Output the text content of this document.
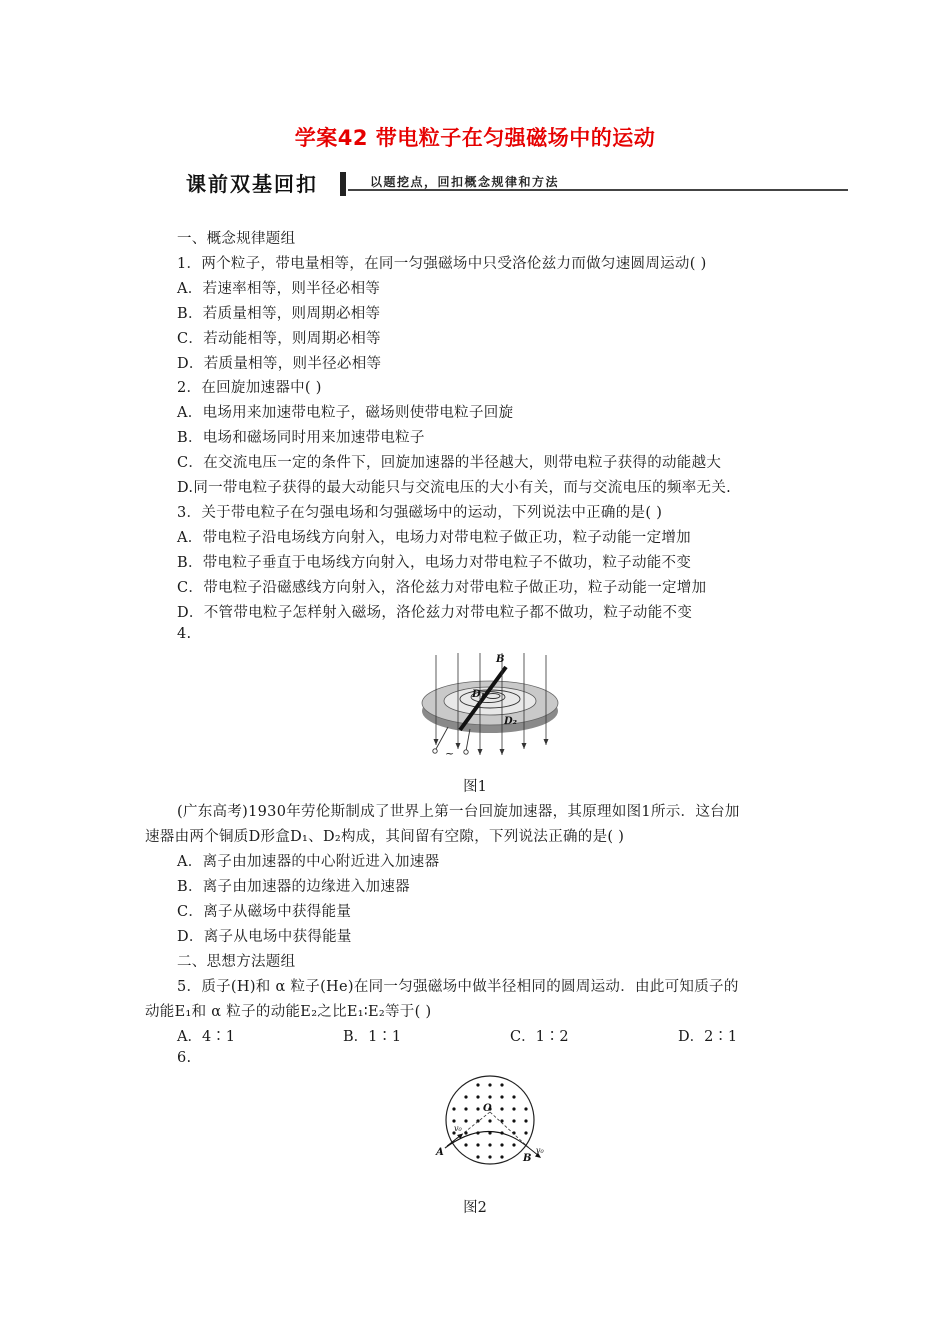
学案42 带电粒子在匀强磁场中的运动
课前双基回扣	以题挖点，回扣概念规律和方法
一、概念规律题组
1．两个粒子，带电量相等，在同一匀强磁场中只受洛伦兹力而做匀速圆周运动( )
A．若速率相等，则半径必相等
B．若质量相等，则周期必相等
C．若动能相等，则周期必相等
D．若质量相等，则半径必相等
2．在回旋加速器中( )
A．电场用来加速带电粒子，磁场则使带电粒子回旋
B．电场和磁场同时用来加速带电粒子
C．在交流电压一定的条件下，回旋加速器的半径越大，则带电粒子获得的动能越大
D.同一带电粒子获得的最大动能只与交流电压的大小有关，而与交流电压的频率无关.
3．关于带电粒子在匀强电场和匀强磁场中的运动，下列说法中正确的是( )
A．带电粒子沿电场线方向射入，电场力对带电粒子做正功，粒子动能一定增加
B．带电粒子垂直于电场线方向射入，电场力对带电粒子不做功，粒子动能不变
C．带电粒子沿磁感线方向射入，洛伦兹力对带电粒子做正功，粒子动能一定增加
D．不管带电粒子怎样射入磁场，洛伦兹力对带电粒子都不做功，粒子动能不变
4.
~
B
D₁
D₂
图1
(广东高考)1930年劳伦斯制成了世界上第一台回旋加速器，其原理如图1所示．这台加
速器由两个铜质D形盒D₁、D₂构成，其间留有空隙，下列说法正确的是( )
A．离子由加速器的中心附近进入加速器
B．离子由加速器的边缘进入加速器
C．离子从磁场中获得能量
D．离子从电场中获得能量
二、思想方法题组
5．质子(H)和 α 粒子(He)在同一匀强磁场中做半径相同的圆周运动．由此可知质子的
动能E₁和 α 粒子的动能E₂之比E₁∶E₂等于( )
A．4∶1	B．1∶1	C．1∶2	D．2∶1
6.
O
A
B
v₀
v₀
图2
